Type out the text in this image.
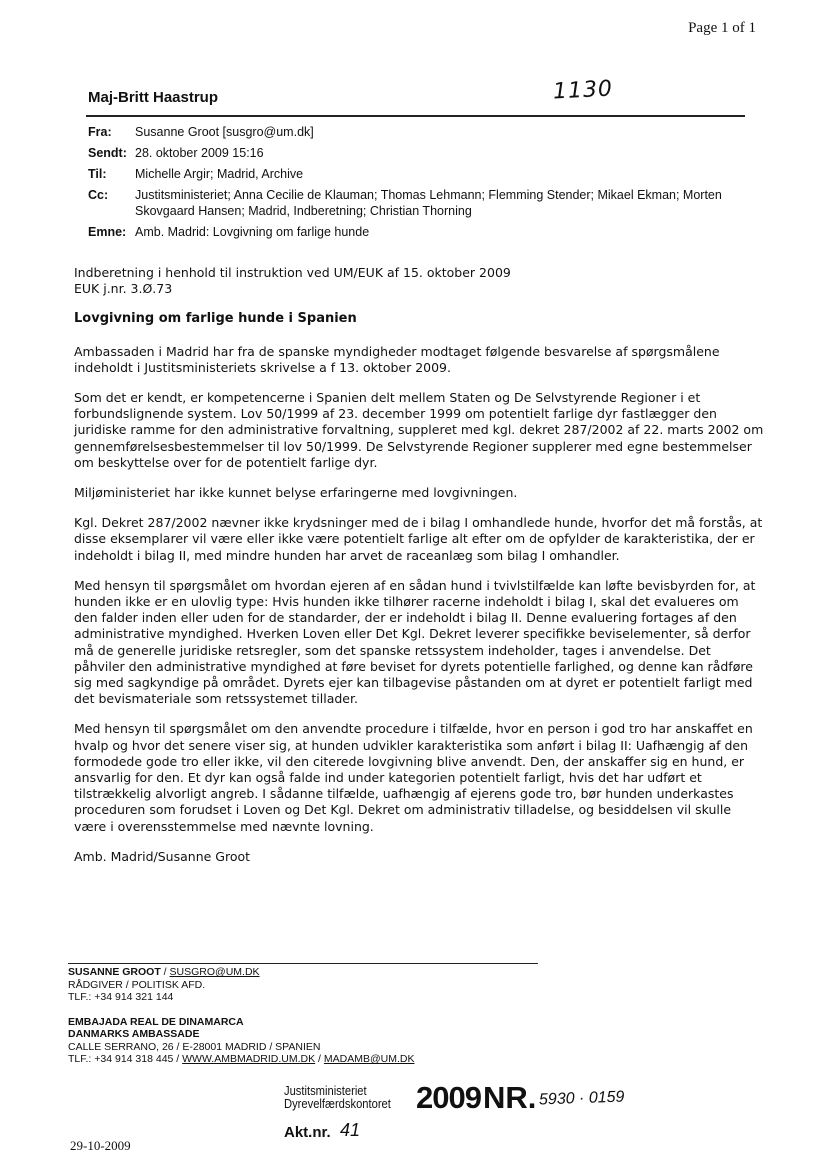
Page 1 of 1
1130
Maj-Britt Haastrup
Fra:	Susanne Groot [susgro@um.dk]
Sendt: 28. oktober 2009 15:16
Til:	Michelle Argir; Madrid, Archive
Cc:	Justitsministeriet; Anna Cecilie de Klauman; Thomas Lehmann; Flemming Stender; Mikael Ekman; Morten Skovgaard Hansen; Madrid, Indberetning; Christian Thorning
Emne: Amb. Madrid: Lovgivning om farlige hunde

Indberetning i henhold til instruktion ved UM/EUK af 15. oktober 2009
EUK j.nr. 3.Ø.73

Lovgivning om farlige hunde i Spanien

Ambassaden i Madrid har fra de spanske myndigheder modtaget følgende besvarelse af spørgsmålene indeholdt i Justitsministeriets skrivelse a f 13. oktober 2009.

Som det er kendt, er kompetencerne i Spanien delt mellem Staten og De Selvstyrende Regioner i et forbundslignende system. Lov 50/1999 af 23. december 1999 om potentielt farlige dyr fastlægger den juridiske ramme for den administrative forvaltning, suppleret med kgl. dekret 287/2002 af 22. marts 2002 om gennemførelsesbestemmelser til lov 50/1999. De Selvstyrende Regioner supplerer med egne bestemmelser om beskyttelse over for de potentielt farlige dyr.

Miljøministeriet har ikke kunnet belyse erfaringerne med lovgivningen.

Kgl. Dekret 287/2002 nævner ikke krydsninger med de i bilag I omhandlede hunde, hvorfor det må forstås, at disse eksemplarer vil være eller ikke være potentielt farlige alt efter om de opfylder de karakteristika, der er indeholdt i bilag II, med mindre hunden har arvet de raceanlæg som bilag I omhandler.

Med hensyn til spørgsmålet om hvordan ejeren af en sådan hund i tvivlstilfælde kan løfte bevisbyrden for, at hunden ikke er en ulovlig type: Hvis hunden ikke tilhører racerne indeholdt i bilag I, skal det evalueres om den falder inden eller uden for de standarder, der er indeholdt i bilag II. Denne evaluering fortages af den administrative myndighed. Hverken Loven eller Det Kgl. Dekret leverer specifikke beviselementer, så derfor må de generelle juridiske retsregler, som det spanske retssystem indeholder, tages i anvendelse. Det påhviler den administrative myndighed at føre beviset for dyrets potentielle farlighed, og denne kan rådføre sig med sagkyndige på området. Dyrets ejer kan tilbagevise påstanden om at dyret er potentielt farligt med det bevismateriale som retssystemet tillader.

Med hensyn til spørgsmålet om den anvendte procedure i tilfælde, hvor en person i god tro har anskaffet en hvalp og hvor det senere viser sig, at hunden udvikler karakteristika som anført i bilag II: Uafhængig af den formodede gode tro eller ikke, vil den citerede lovgivning blive anvendt. Den, der anskaffer sig en hund, er ansvarlig for den. Et dyr kan også falde ind under kategorien potentielt farligt, hvis det har udført et tilstrækkelig alvorligt angreb. I sådanne tilfælde, uafhængig af ejerens gode tro, bør hunden underkastes proceduren som forudset i Loven og Det Kgl. Dekret om administrativ tilladelse, og besiddelsen vil skulle være i overensstemmelse med nævnte lovning.

Amb. Madrid/Susanne Groot

SUSANNE GROOT / SUSGRO@UM.DK
RÅDGIVER / POLITISK AFD.
TLF.: +34 914 321 144
EMBAJADA REAL DE DINAMARCA
DANMARKS AMBASSADE
CALLE SERRANO, 26 / E-28001 MADRID / SPANIEN
TLF.: +34 914 318 445 / WWW.AMBMADRID.UM.DK / MADAMB@UM.DK
Justitsministeriet
Dyrevelfærdskontoret 2009 NR. 5930 · 0159
Akt.nr. 41
29-10-2009
